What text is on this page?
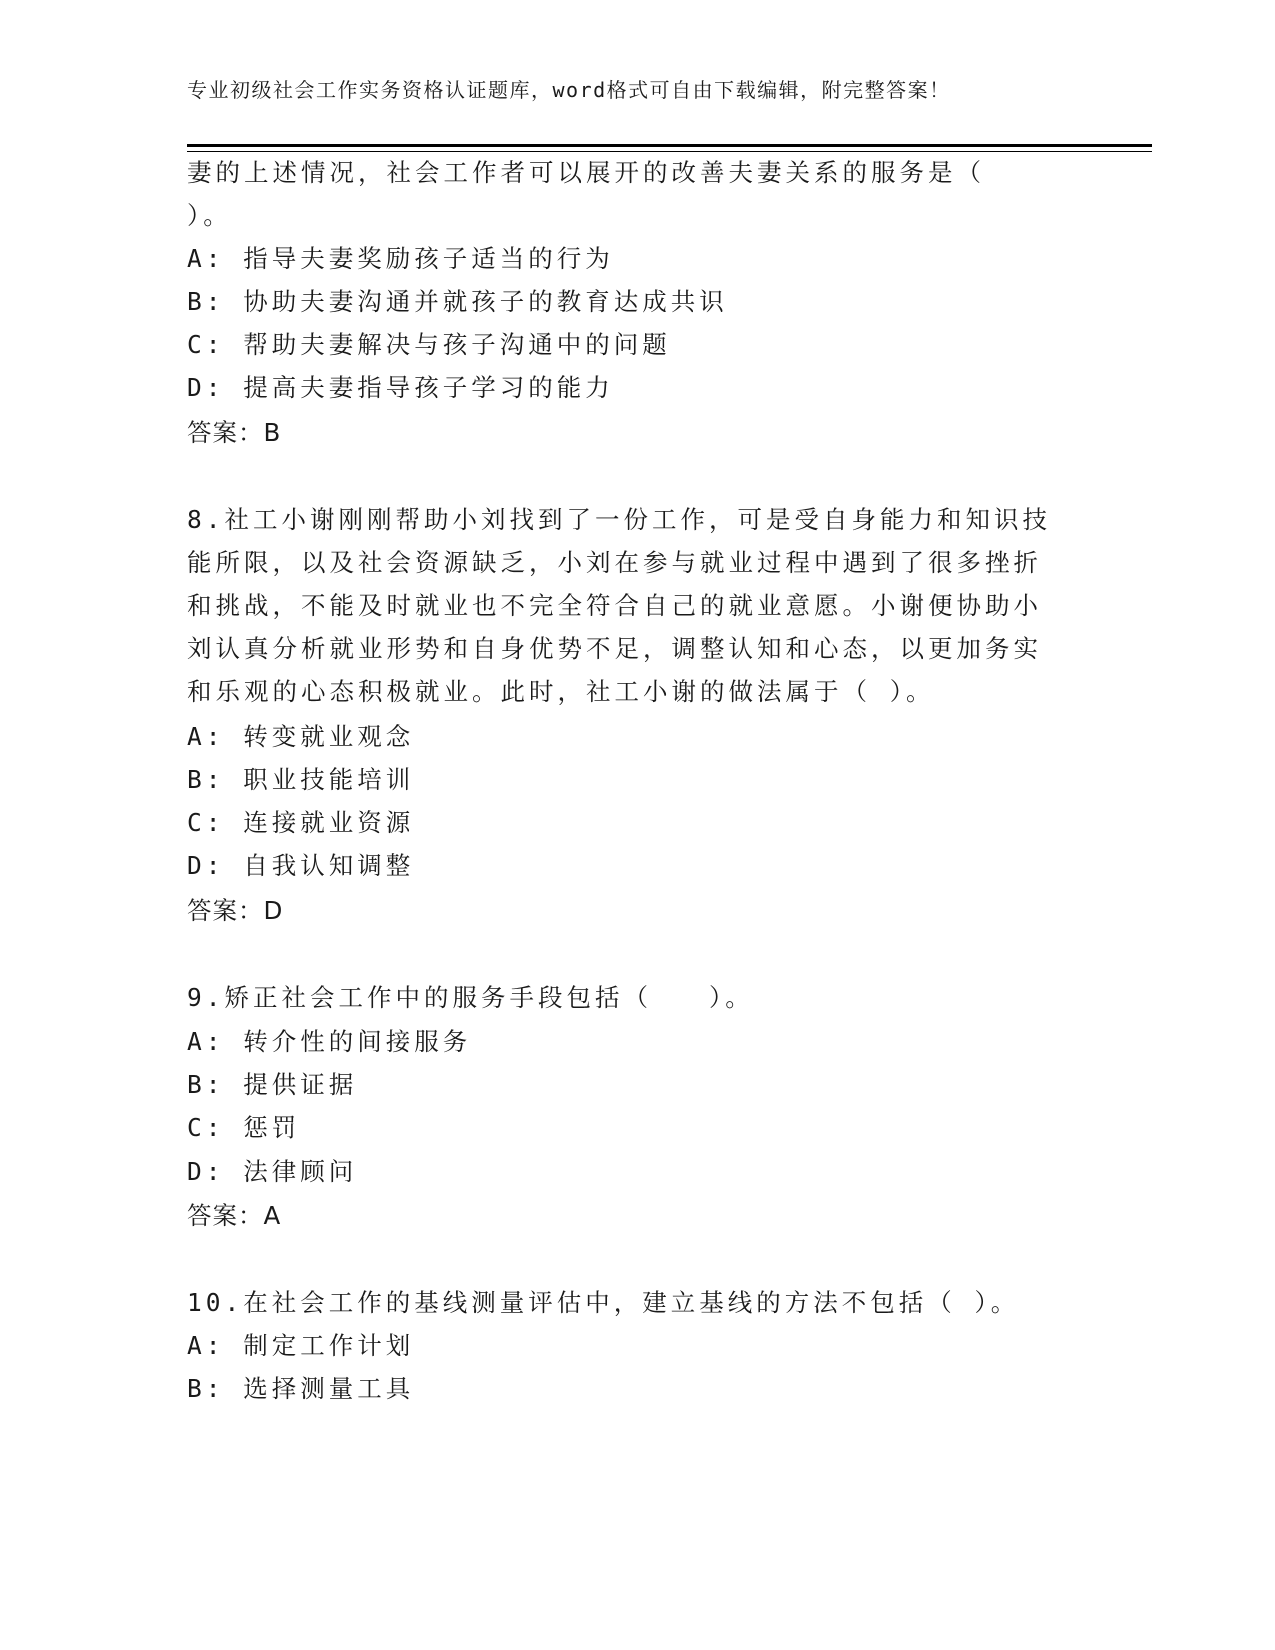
专业初级社会工作实务资格认证题库，word格式可自由下载编辑，附完整答案！
妻的上述情况，社会工作者可以展开的改善夫妻关系的服务是（
）。
A: 指导夫妻奖励孩子适当的行为
B: 协助夫妻沟通并就孩子的教育达成共识
C: 帮助夫妻解决与孩子沟通中的问题
D: 提高夫妻指导孩子学习的能力
答案：B
8.社工小谢刚刚帮助小刘找到了一份工作，可是受自身能力和知识技
能所限，以及社会资源缺乏，小刘在参与就业过程中遇到了很多挫折
和挑战，不能及时就业也不完全符合自己的就业意愿。小谢便协助小
刘认真分析就业形势和自身优势不足，调整认知和心态，以更加务实
和乐观的心态积极就业。此时，社工小谢的做法属于（ ）。
A: 转变就业观念
B: 职业技能培训
C: 连接就业资源
D: 自我认知调整
答案：D
9.矫正社会工作中的服务手段包括（　　）。
A: 转介性的间接服务
B: 提供证据
C: 惩罚
D: 法律顾问
答案：A
10.在社会工作的基线测量评估中，建立基线的方法不包括（ ）。
A: 制定工作计划
B: 选择测量工具
